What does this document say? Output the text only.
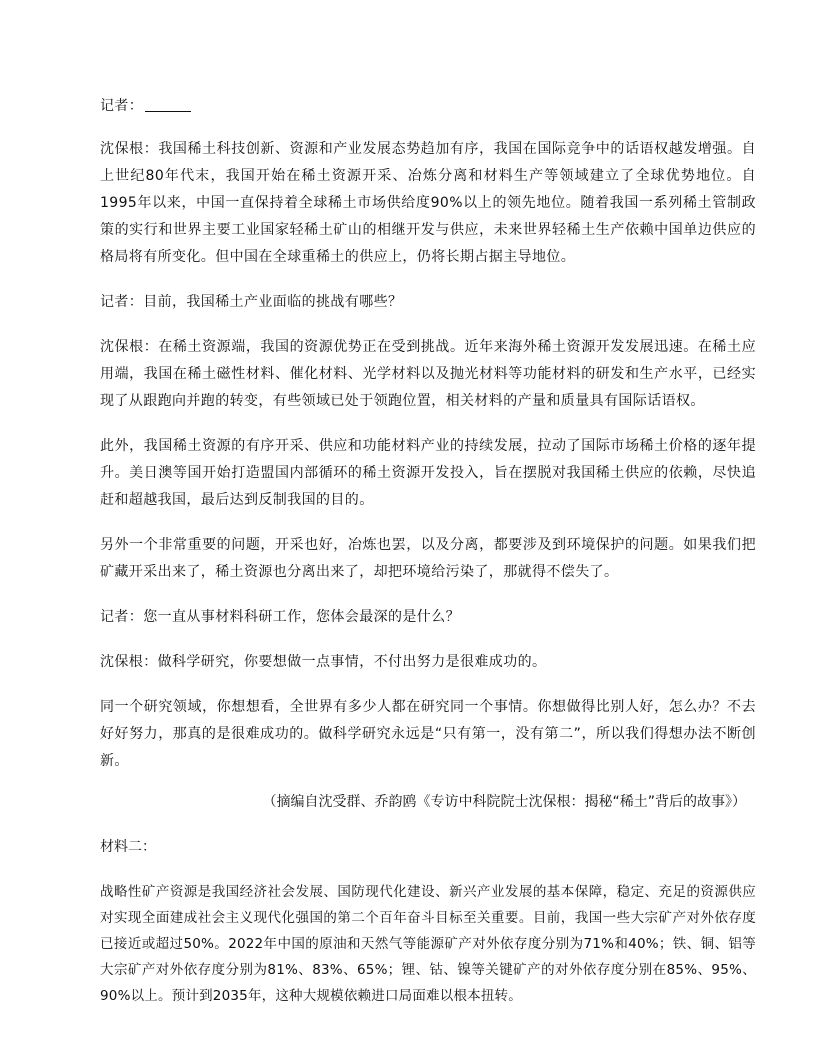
记者：

沈保根：我国稀土科技创新、资源和产业发展态势趋加有序，我国在国际竞争中的话语权越发增强。自上世纪80年代末，我国开始在稀土资源开采、冶炼分离和材料生产等领域建立了全球优势地位。自1995年以来，中国一直保持着全球稀土市场供给度90%以上的领先地位。随着我国一系列稀土管制政策的实行和世界主要工业国家轻稀土矿山的相继开发与供应，未来世界轻稀土生产依赖中国单边供应的格局将有所变化。但中国在全球重稀土的供应上，仍将长期占据主导地位。

记者：目前，我国稀土产业面临的挑战有哪些？

沈保根：在稀土资源端，我国的资源优势正在受到挑战。近年来海外稀土资源开发发展迅速。在稀土应用端，我国在稀土磁性材料、催化材料、光学材料以及抛光材料等功能材料的研发和生产水平，已经实现了从跟跑向并跑的转变，有些领域已处于领跑位置，相关材料的产量和质量具有国际话语权。

此外，我国稀土资源的有序开采、供应和功能材料产业的持续发展，拉动了国际市场稀土价格的逐年提升。美日澳等国开始打造盟国内部循环的稀土资源开发投入，旨在摆脱对我国稀土供应的依赖，尽快追赶和超越我国，最后达到反制我国的目的。

另外一个非常重要的问题，开采也好，冶炼也罢，以及分离，都要涉及到环境保护的问题。如果我们把矿藏开采出来了，稀土资源也分离出来了，却把环境给污染了，那就得不偿失了。

记者：您一直从事材料科研工作，您体会最深的是什么？

沈保根：做科学研究，你要想做一点事情，不付出努力是很难成功的。

同一个研究领域，你想想看，全世界有多少人都在研究同一个事情。你想做得比别人好，怎么办？不去好好努力，那真的是很难成功的。做科学研究永远是“只有第一，没有第二”，所以我们得想办法不断创新。

（摘编自沈受群、乔韵鸥《专访中科院院士沈保根：揭秘“稀土”背后的故事》）

材料二：

战略性矿产资源是我国经济社会发展、国防现代化建设、新兴产业发展的基本保障，稳定、充足的资源供应对实现全面建成社会主义现代化强国的第二个百年奋斗目标至关重要。目前，我国一些大宗矿产对外依存度已接近或超过50%。2022年中国的原油和天然气等能源矿产对外依存度分别为71%和40%；铁、铜、铝等大宗矿产对外依存度分别为81%、83%、65%；锂、钴、镍等关键矿产的对外依存度分别在85%、95%、90%以上。预计到2035年，这种大规模依赖进口局面难以根本扭转。
